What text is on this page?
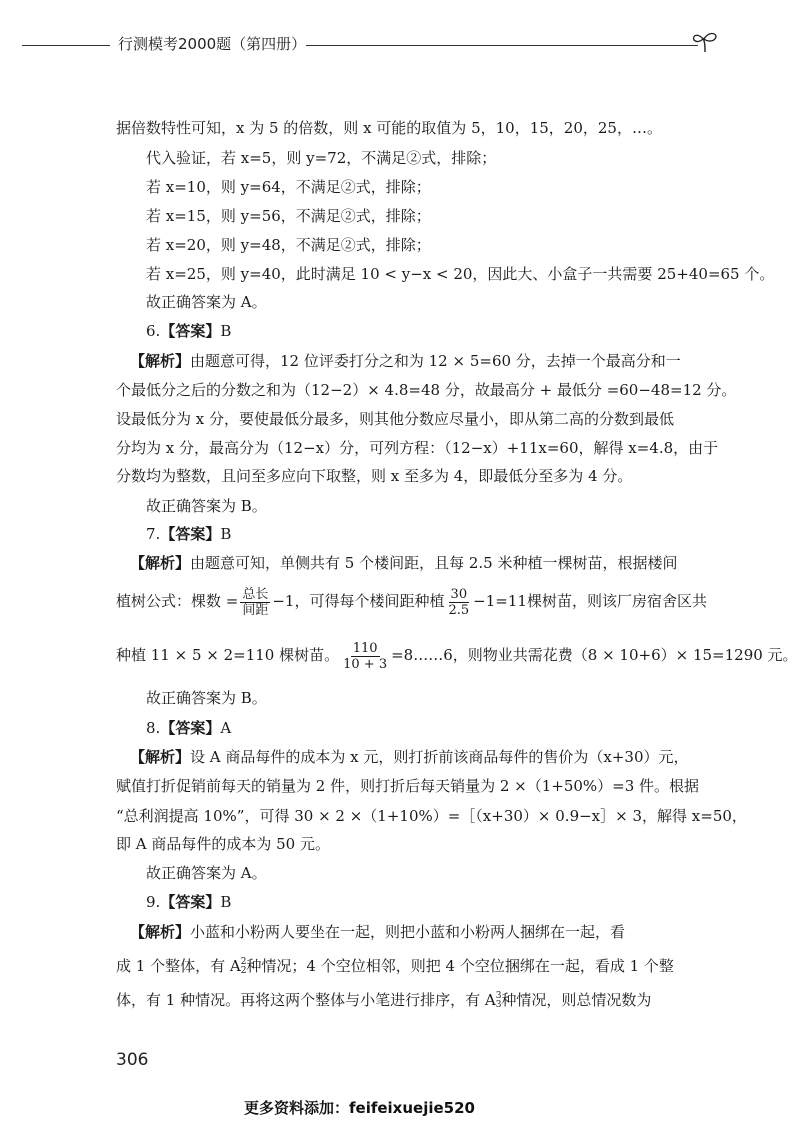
行测模考2000题（第四册）
据倍数特性可知，x 为 5 的倍数，则 x 可能的取值为 5，10，15，20，25，…。
代入验证，若 x=5，则 y=72，不满足②式，排除；
若 x=10，则 y=64，不满足②式，排除；
若 x=15，则 y=56，不满足②式，排除；
若 x=20，则 y=48，不满足②式，排除；
若 x=25，则 y=40，此时满足 10 < y−x < 20，因此大、小盒子一共需要 25+40=65 个。
故正确答案为 A。
6.【答案】B
【解析】由题意可得，12 位评委打分之和为 12 × 5=60 分，去掉一个最高分和一
个最低分之后的分数之和为（12−2）× 4.8=48 分，故最高分 + 最低分 =60−48=12 分。
设最低分为 x 分，要使最低分最多，则其他分数应尽量小，即从第二高的分数到最低
分均为 x 分，最高分为（12−x）分，可列方程：（12−x）+11x=60，解得 x=4.8，由于
分数均为整数，且问至多应向下取整，则 x 至多为 4，即最低分至多为 4 分。
故正确答案为 B。
7.【答案】B
【解析】由题意可知，单侧共有 5 个楼间距，且每 2.5 米种植一棵树苗，根据楼间
植树公式：棵数 = $\frac{\text{总长}}{\text{间距}} -1$，可得每个楼间距种植 $\frac{30}{2.5} -1=11$棵树苗，则该厂房宿舍区共
种植 11 × 5 × 2=110 棵树苗。 $\frac{110}{10 + 3}$ =8……6，则物业共需花费（8 × 10+6）× 15=1290 元。
故正确答案为 B。
8.【答案】A
【解析】设 A 商品每件的成本为 x 元，则打折前该商品每件的售价为（x+30）元，
赋值打折促销前每天的销量为 2 件，则打折后每天销量为 2 ×（1+50%）=3 件。根据
“总利润提高 10%”，可得 30 × 2 ×（1+10%）=［（x+30）× 0.9−x］× 3，解得 x=50，
即 A 商品每件的成本为 50 元。
故正确答案为 A。
9.【答案】B
【解析】小蓝和小粉两人要坐在一起，则把小蓝和小粉两人捆绑在一起，看
成 1 个整体，有 A 2
2 种情况；4 个空位相邻，则把 4 个空位捆绑在一起，看成 1 个整
体，有 1 种情况。再将这两个整体与小笔进行排序，有 A 3
3 种情况，则总情况数为
306
更多资料添加：feifeixuejie520
